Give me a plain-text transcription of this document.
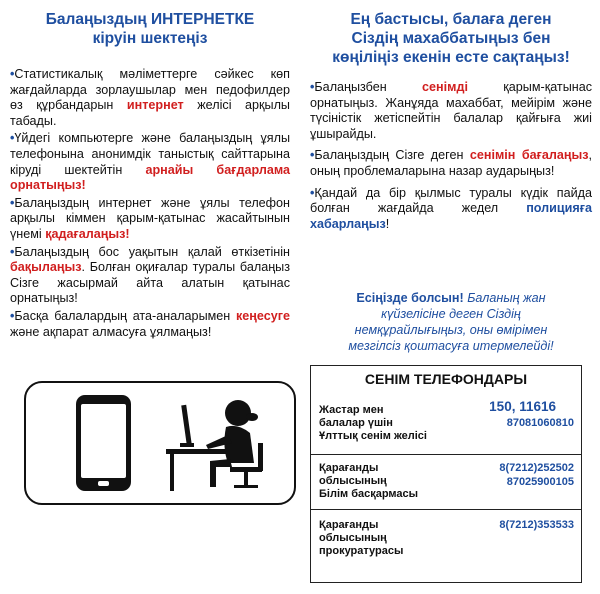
Балаңыздың ИНТЕРНЕТКЕ
кіруін шектеңіз

•Статистикалық мәліметтерге сәйкес көп жағдайларда зорлаушылар мен педофилдер өз құрбандарын интернет желісі арқылы табады.

•Үйдегі компьютерге және балаңыздың ұялы телефонына анонимдік таныстық сайттарына кіруді шектейтін арнайы бағдарлама орнатыңыз!

•Балаңыздың интернет және ұялы телефон арқылы кіммен қарым-қатынас жасайтынын үнемі қадағалаңыз!

•Балаңыздың бос уақытын қалай өткізетінін бақылаңыз. Болған оқиғалар туралы балаңыз Сізге жасырмай айта алатын қатынас орнатыңыз!

•Басқа балалардың ата-аналарымен кеңесуге және ақпарат алмасуға ұялмаңыз!

Ең бастысы, балаға деген
Сіздің махаббатыңыз бен
көңіліңіз екенін есте сақтаңыз!

•Балаңызбен сенімді қарым-қатынас орнатыңыз. Жанұяда махаббат, мейірім және түсіністік жетіспейтін балалар қайғыға жиі ұшырайды.

•Балаңыздың Сізге деген сенімін бағалаңыз, оның проблемаларына назар аударыңыз!

•Қандай да бір қылмыс туралы күдік пайда болған жағдайда жедел полицияға хабарлаңыз!

Есіңізде болсын! Баланың жан
күйзелісіне деген Сіздің
немқұрайлығыңыз, оны өмірімен
мезгілсіз қоштасуға итермелейді!
СЕНІМ ТЕЛЕФОНДАРЫ
Жастар мен
балалар үшін
Ұлттық сенім желісі
150, 11616
87081060810
Қарағанды
облысының
Білім басқармасы
8(7212)252502
87025900105
Қарағанды
облысының
прокуратурасы
8(7212)353533
